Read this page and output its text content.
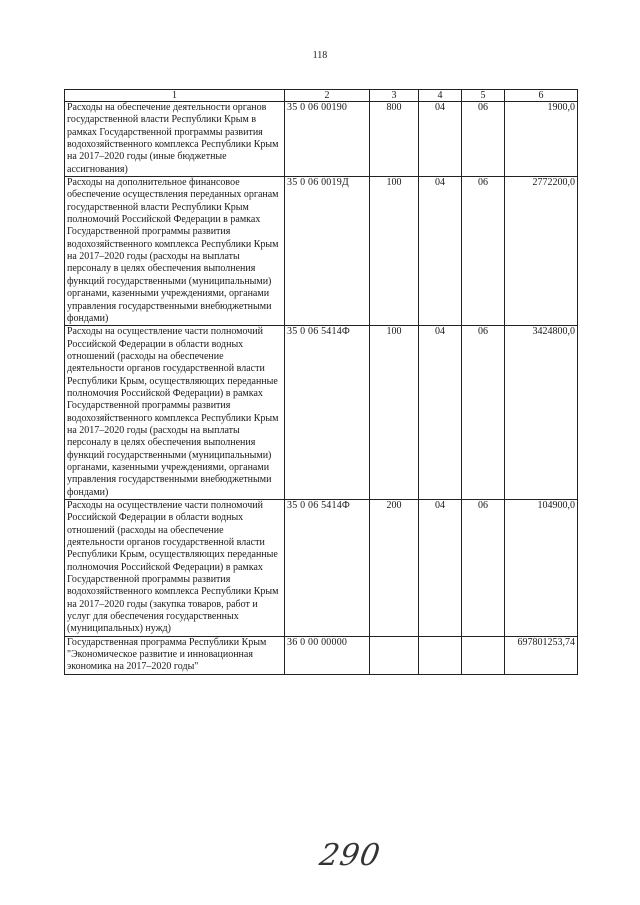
118
1	2	3	4	5	6
Расходы на обеспечение деятельности органов государственной власти Республики Крым в рамках Государственной программы развития водохозяйственного комплекса Республики Крым на 2017–2020 годы (иные бюджетные ассигнования)	35 0 06 00190	800	04	06	1900,0
Расходы на дополнительное финансовое обеспечение осуществления переданных органам государственной власти Республики Крым полномочий Российской Федерации в рамках Государственной программы развития водохозяйственного комплекса Республики Крым на 2017–2020 годы (расходы на выплаты персоналу в целях обеспечения выполнения функций государственными (муниципальными) органами, казенными учреждениями, органами управления государственными внебюджетными фондами)	35 0 06 0019Д	100	04	06	2772200,0
Расходы на осуществление части полномочий Российской Федерации в области водных отношений (расходы на обеспечение деятельности органов государственной власти Республики Крым, осуществляющих переданные полномочия Российской Федерации) в рамках Государственной программы развития водохозяйственного комплекса Республики Крым на 2017–2020 годы (расходы на выплаты персоналу в целях обеспечения выполнения функций государственными (муниципальными) органами, казенными учреждениями, органами управления государственными внебюджетными фондами)	35 0 06 5414Ф	100	04	06	3424800,0
Расходы на осуществление части полномочий Российской Федерации в области водных отношений (расходы на обеспечение деятельности органов государственной власти Республики Крым, осуществляющих переданные полномочия Российской Федерации) в рамках Государственной программы развития водохозяйственного комплекса Республики Крым на 2017–2020 годы (закупка товаров, работ и услуг для обеспечения государственных (муниципальных) нужд)	35 0 06 5414Ф	200	04	06	104900,0
Государственная программа Республики Крым "Экономическое развитие и инновационная экономика на 2017–2020 годы"	36 0 00 00000				697801253,74
290
